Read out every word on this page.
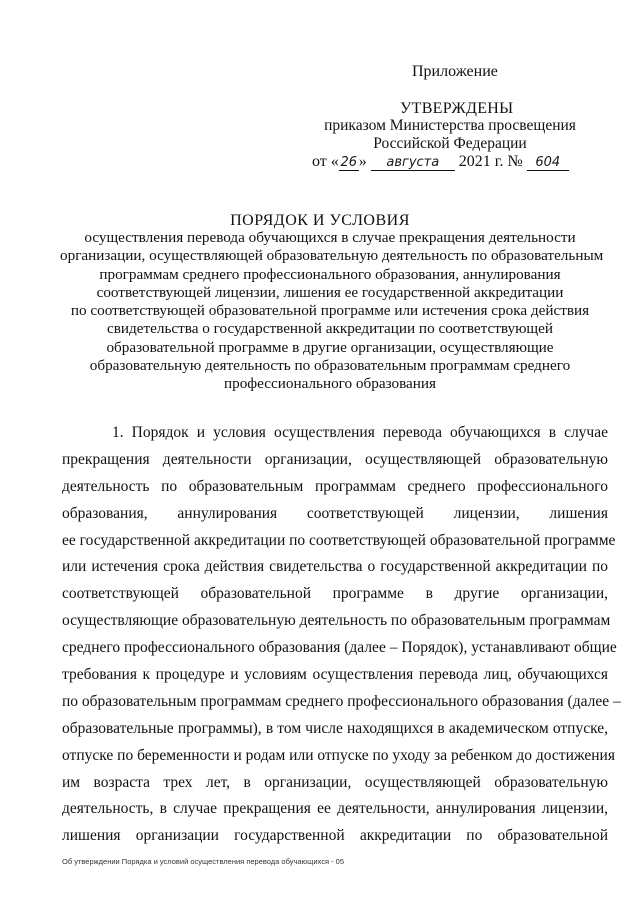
Приложение
УТВЕРЖДЕНЫ
приказом Министерства просвещения
Российской Федерации
от « 26 » августа 2021 г. № 604
ПОРЯДОК И УСЛОВИЯ
осуществления перевода обучающихся в случае прекращения деятельности
организации, осуществляющей образовательную деятельность по образовательным
программам среднего профессионального образования, аннулирования
соответствующей лицензии, лишения ее государственной аккредитации
по соответствующей образовательной программе или истечения срока действия
свидетельства о государственной аккредитации по соответствующей
образовательной программе в другие организации, осуществляющие
образовательную деятельность по образовательным программам среднего
профессионального образования
1. Порядок и условия осуществления перевода обучающихся в случае
прекращения деятельности организации, осуществляющей образовательную
деятельность по образовательным программам среднего профессионального
образования, аннулирования соответствующей лицензии, лишения
ее государственной аккредитации по соответствующей образовательной программе
или истечения срока действия свидетельства о государственной аккредитации по
соответствующей образовательной программе в другие организации,
осуществляющие образовательную деятельность по образовательным программам
среднего профессионального образования (далее – Порядок), устанавливают общие
требования к процедуре и условиям осуществления перевода лиц, обучающихся
по образовательным программам среднего профессионального образования (далее –
образовательные программы), в том числе находящихся в академическом отпуске,
отпуске по беременности и родам или отпуске по уходу за ребенком до достижения
им возраста трех лет, в организации, осуществляющей образовательную
деятельность, в случае прекращения ее деятельности, аннулирования лицензии,
лишения организации государственной аккредитации по образовательной
Об утверждении Порядка и условий осуществления перевода обучающихся - 05
